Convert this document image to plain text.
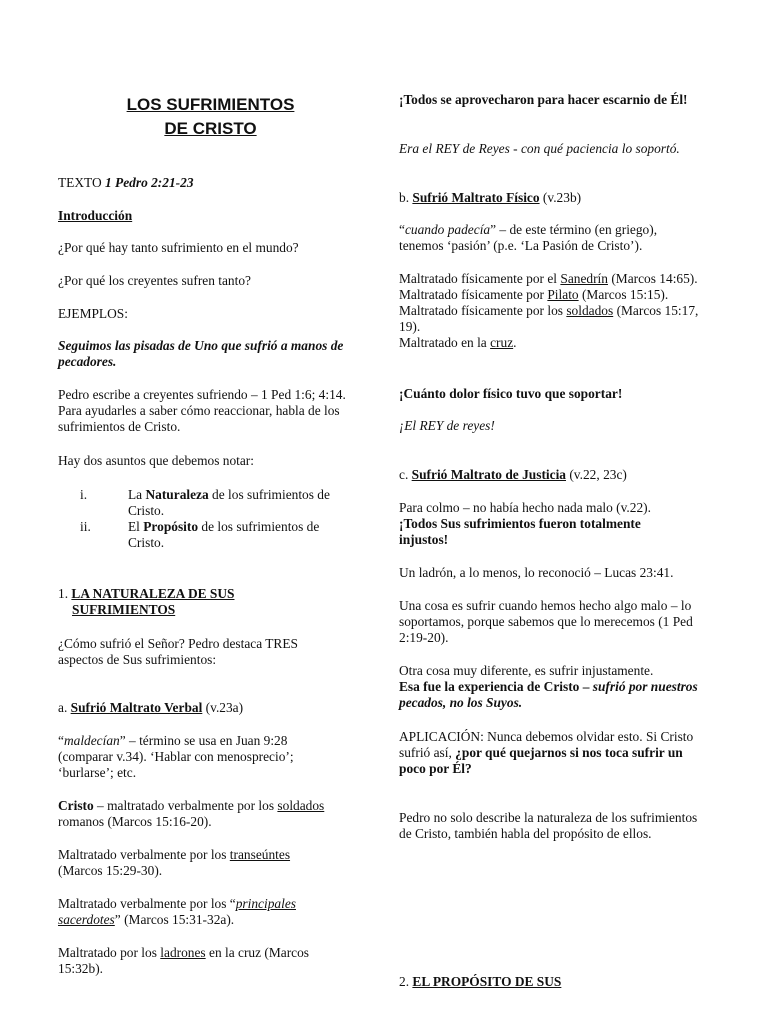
LOS SUFRIMIENTOS
DE CRISTO

TEXTO 1 Pedro 2:21-23

Introducción

¿Por qué hay tanto sufrimiento en el mundo?

¿Por qué los creyentes sufren tanto?

EJEMPLOS:

Seguimos las pisadas de Uno que sufrió a manos de pecadores.

Pedro escribe a creyentes sufriendo – 1 Ped 1:6; 4:14. Para ayudarles a saber cómo reaccionar, habla de los sufrimientos de Cristo.

Hay dos asuntos que debemos notar:

i.	La Naturaleza de los sufrimientos de Cristo.
ii.	El Propósito de los sufrimientos de Cristo.

1. LA NATURALEZA DE SUS SUFRIMIENTOS

¿Cómo sufrió el Señor? Pedro destaca TRES aspectos de Sus sufrimientos:

a. Sufrió Maltrato Verbal (v.23a)

“maldecían” – término se usa en Juan 9:28 (comparar v.34). ‘Hablar con menosprecio’; ‘burlarse’; etc.

Cristo – maltratado verbalmente por los soldados romanos (Marcos 15:16-20).

Maltratado verbalmente por los transeúntes (Marcos 15:29-30).

Maltratado verbalmente por los “principales sacerdotes” (Marcos 15:31-32a).

Maltratado por los ladrones en la cruz (Marcos 15:32b).

¡Todos se aprovecharon para hacer escarnio de Él!

Era el REY de Reyes - con qué paciencia lo soportó.

b. Sufrió Maltrato Físico (v.23b)

“cuando padecía” – de este término (en griego), tenemos ‘pasión’ (p.e. ‘La Pasión de Cristo’).

Maltratado físicamente por el Sanedrín (Marcos 14:65).
Maltratado físicamente por Pilato (Marcos 15:15).
Maltratado físicamente por los soldados (Marcos 15:17, 19).
Maltratado en la cruz.

¡Cuánto dolor físico tuvo que soportar!

¡El REY de reyes!

c. Sufrió Maltrato de Justicia (v.22, 23c)

Para colmo – no había hecho nada malo (v.22).

¡Todos Sus sufrimientos fueron totalmente injustos!

Un ladrón, a lo menos, lo reconoció – Lucas 23:41.

Una cosa es sufrir cuando hemos hecho algo malo – lo soportamos, porque sabemos que lo merecemos (1 Ped 2:19-20).

Otra cosa muy diferente, es sufrir injustamente.
Esa fue la experiencia de Cristo – sufrió por nuestros pecados, no los Suyos.

APLICACIÓN: Nunca debemos olvidar esto. Si Cristo sufrió así, ¿por qué quejarnos si nos toca sufrir un poco por Él?

Pedro no solo describe la naturaleza de los sufrimientos de Cristo, también habla del propósito de ellos.

2. EL PROPÓSITO DE SUS
